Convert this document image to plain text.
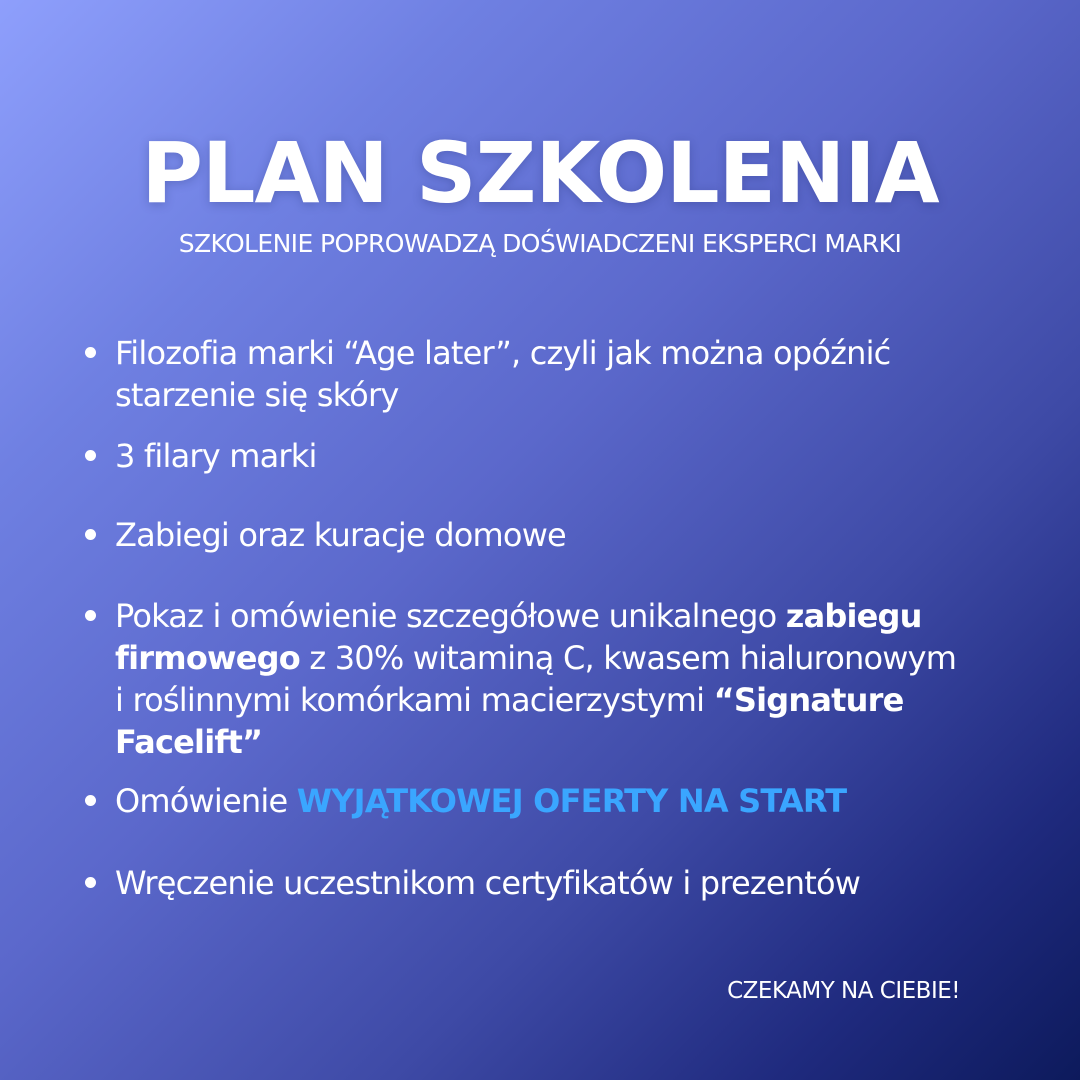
PLAN SZKOLENIA

SZKOLENIE POPROWADZĄ DOŚWIADCZENI EKSPERCI MARKI

Filozofia marki “Age later”, czyli jak można opóźnić starzenie się skóry
3 filary marki
Zabiegi oraz kuracje domowe
Pokaz i omówienie szczegółowe unikalnego zabiegu firmowego z 30% witaminą C, kwasem hialuronowym i roślinnymi komórkami macierzystymi “Signature Facelift”
Omówienie WYJĄTKOWEJ OFERTY NA START
Wręczenie uczestnikom certyfikatów i prezentów

CZEKAMY NA CIEBIE!
